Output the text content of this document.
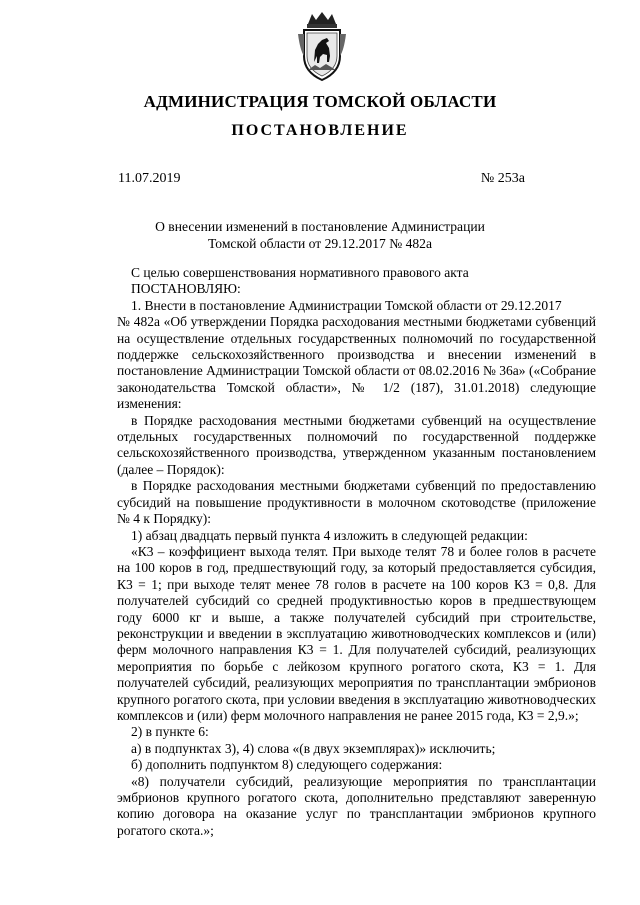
АДМИНИСТРАЦИЯ ТОМСКОЙ ОБЛАСТИ
ПОСТАНОВЛЕНИЕ
11.07.2019	№ 253а
О внесении изменений в постановление Администрации
Томской области от 29.12.2017 № 482а

С целью совершенствования нормативного правового акта

ПОСТАНОВЛЯЮ:

1. Внести в постановление Администрации Томской области от 29.12.2017

№ 482а «Об утверждении Порядка расходования местными бюджетами субвенций на осуществление отдельных государственных полномочий по государственной поддержке сельскохозяйственного производства и внесении изменений в постановление Администрации Томской области от 08.02.2016 № 36а» («Собрание законодательства Томской области», № 1/2 (187), 31.01.2018) следующие изменения:

в Порядке расходования местными бюджетами субвенций на осуществление отдельных государственных полномочий по государственной поддержке сельскохозяйственного производства, утвержденном указанным постановлением (далее – Порядок):

в Порядке расходования местными бюджетами субвенций по предоставлению субсидий на повышение продуктивности в молочном скотоводстве (приложение № 4 к Порядку):

1) абзац двадцать первый пункта 4 изложить в следующей редакции:

«К3 – коэффициент выхода телят. При выходе телят 78 и более голов в расчете на 100 коров в год, предшествующий году, за который предоставляется субсидия, К3 = 1; при выходе телят менее 78 голов в расчете на 100 коров К3 = 0,8. Для получателей субсидий со средней продуктивностью коров в предшествующем году 6000 кг и выше, а также получателей субсидий при строительстве, реконструкции и введении в эксплуатацию животноводческих комплексов и (или) ферм молочного направления К3 = 1. Для получателей субсидий, реализующих мероприятия по борьбе с лейкозом крупного рогатого скота, К3 = 1. Для получателей субсидий, реализующих мероприятия по трансплантации эмбрионов крупного рогатого скота, при условии введения в эксплуатацию животноводческих комплексов и (или) ферм молочного направления не ранее 2015 года, К3 = 2,9.»;

2) в пункте 6:

а) в подпунктах 3), 4) слова «(в двух экземплярах)» исключить;

б) дополнить подпунктом 8) следующего содержания:

«8) получатели субсидий, реализующие мероприятия по трансплантации эмбрионов крупного рогатого скота, дополнительно представляют заверенную копию договора на оказание услуг по трансплантации эмбрионов крупного рогатого скота.»;
